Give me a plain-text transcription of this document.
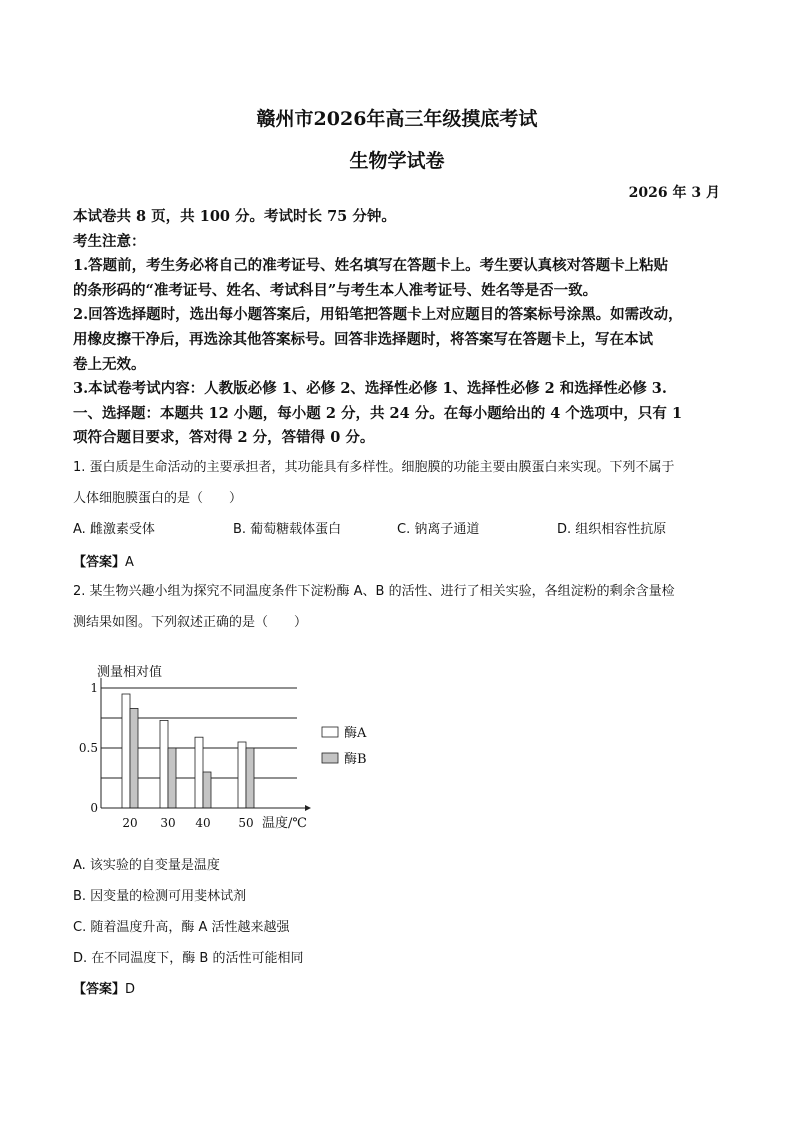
赣州市2026年高三年级摸底考试
生物学试卷
2026 年 3 月
本试卷共 8 页，共 100 分。考试时长 75 分钟。
考生注意：
1.答题前，考生务必将自己的准考证号、姓名填写在答题卡上。考生要认真核对答题卡上粘贴
的条形码的“准考证号、姓名、考试科目”与考生本人准考证号、姓名等是否一致。
2.回答选择题时，选出每小题答案后，用铅笔把答题卡上对应题目的答案标号涂黑。如需改动，
用橡皮擦干净后，再选涂其他答案标号。回答非选择题时，将答案写在答题卡上，写在本试
卷上无效。
3.本试卷考试内容：人教版必修 1、必修 2、选择性必修 1、选择性必修 2 和选择性必修 3.
一、选择题：本题共 12 小题，每小题 2 分，共 24 分。在每小题给出的 4 个选项中，只有 1
项符合题目要求，答对得 2 分，答错得 0 分。
1. 蛋白质是生命活动的主要承担者，其功能具有多样性。细胞膜的功能主要由膜蛋白来实现。下列不属于
人体细胞膜蛋白的是（　　）
A. 雌激素受体	B. 葡萄糖载体蛋白	C. 钠离子通道	D. 组织相容性抗原
【答案】A
2. 某生物兴趣小组为探究不同温度条件下淀粉酶 A、B 的活性、进行了相关实验，各组淀粉的剩余含量检
测结果如图。下列叙述正确的是（　　）
20 30 40 50
0
0.5
1
测量相对值
温度/℃
酶A
酶B
A. 该实验的自变量是温度
B. 因变量的检测可用斐林试剂
C. 随着温度升高，酶 A 活性越来越强
D. 在不同温度下，酶 B 的活性可能相同
【答案】D
